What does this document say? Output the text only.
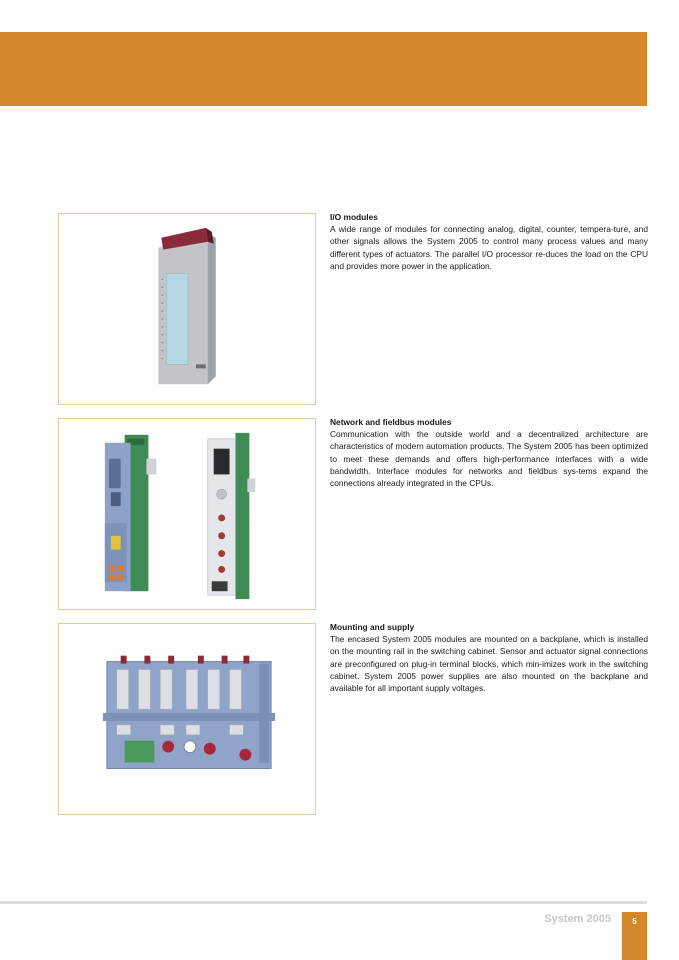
I/O modules

A wide range of modules for connecting analog, digital, counter, tempera-ture, and other signals allows the System 2005 to control many process values and many different types of actuators. The parallel I/O processor re-duces the load on the CPU and provides more power in the application.

Network and fieldbus modules

Communication with the outside world and a decentralized architecture are characteristics of modern automation products. The System 2005 has been optimized to meet these demands and offers high-performance interfaces with a wide bandwidth. Interface modules for networks and fieldbus sys-tems expand the connections already integrated in the CPUs.

Mounting and supply

The encased System 2005 modules are mounted on a backplane, which is installed on the mounting rail in the switching cabinet. Sensor and actuator signal connections are preconfigured on plug-in terminal blocks, which min-imizes work in the switching cabinet. System 2005 power supplies are also mounted on the backplane and available for all important supply voltages.

System 2005	5
